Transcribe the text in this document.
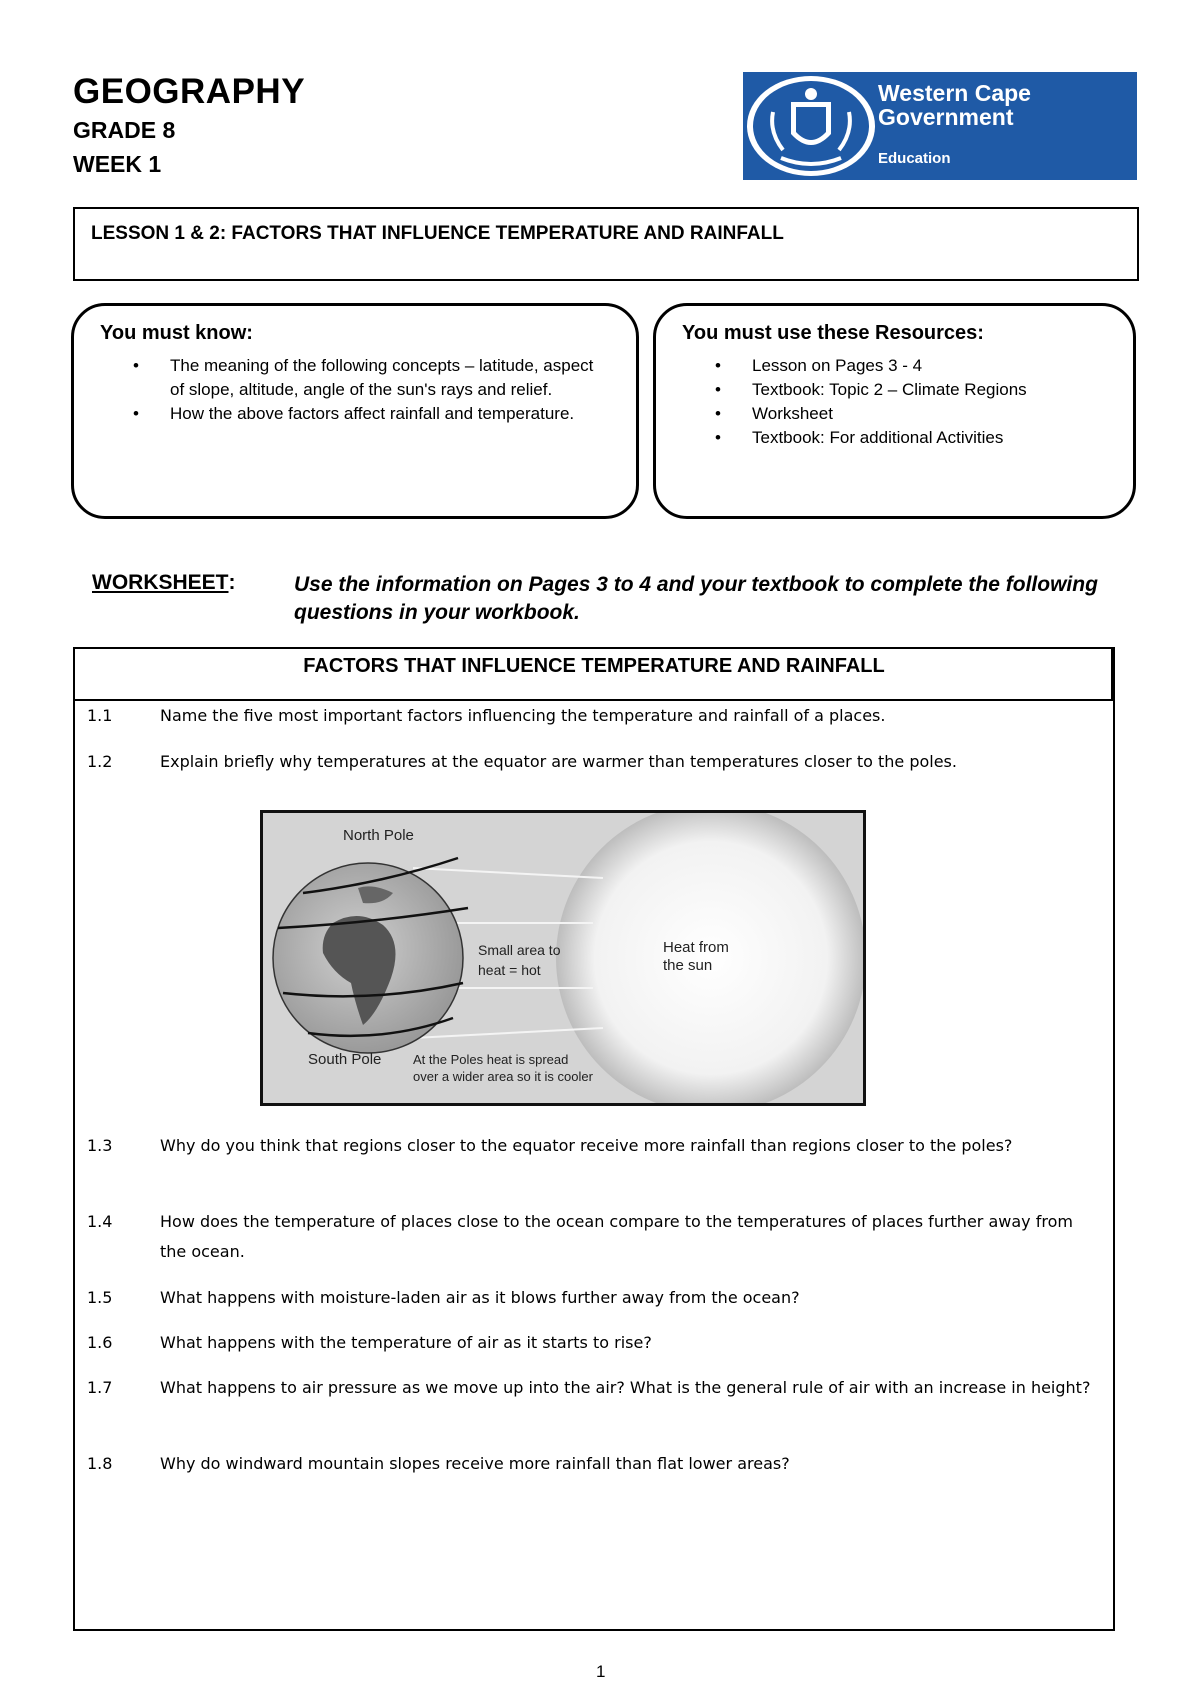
GEOGRAPHY
GRADE 8
WEEK 1
Western Cape
Government
Education
LESSON 1 & 2: FACTORS THAT INFLUENCE TEMPERATURE AND RAINFALL
You must know:
• The meaning of the following concepts – latitude, aspect of slope, altitude, angle of the sun's rays and relief.
• How the above factors affect rainfall and temperature.
You must use these Resources:
• Lesson on Pages 3 - 4
• Textbook: Topic 2 – Climate Regions
• Worksheet
• Textbook: For additional Activities
WORKSHEET:	Use the information on Pages 3 to 4 and your textbook to complete the following questions in your workbook.
FACTORS THAT INFLUENCE TEMPERATURE AND RAINFALL
1.1	Name the five most important factors influencing the temperature and rainfall of a places.
1.2	Explain briefly why temperatures at the equator are warmer than temperatures closer to the poles.
1.3	Why do you think that regions closer to the equator receive more rainfall than regions closer to the poles?
1.4	How does the temperature of places close to the ocean compare to the temperatures of places further away from the ocean.
1.5	What happens with moisture-laden air as it blows further away from the ocean?
1.6	What happens with the temperature of air as it starts to rise?
1.7	What happens to air pressure as we move up into the air? What is the general rule of air with an increase in height?
1.8	Why do windward mountain slopes receive more rainfall than flat lower areas?
North Pole
South Pole
Small area to
heat = hot
Heat from
the sun
At the Poles heat is spread
over a wider area so it is cooler
1
